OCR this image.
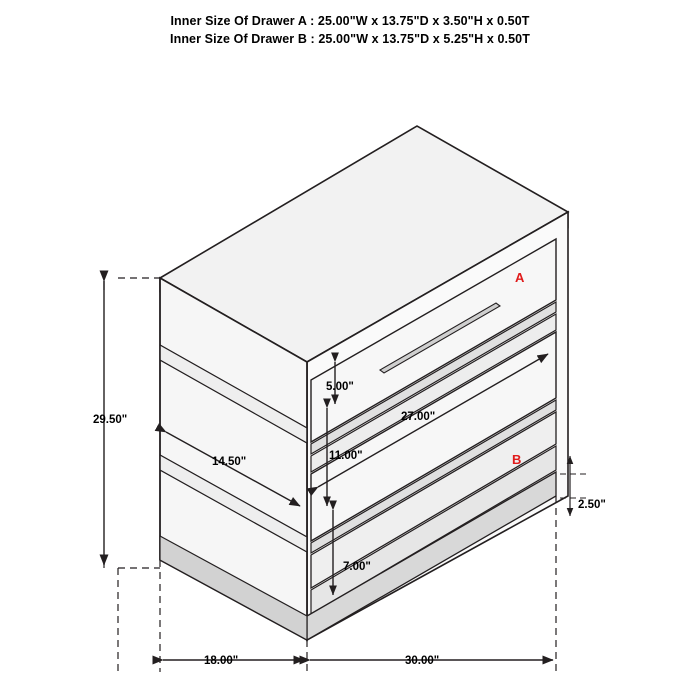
Inner Size Of Drawer A : 25.00"W x 13.75"D x 3.50"H x 0.50T
Inner Size Of Drawer B : 25.00"W x 13.75"D x 5.25"H x 0.50T
29.50"
14.50"
5.00"
27.00"
11.00"
7.00"
2.50"
18.00"	30.00"
A
B
